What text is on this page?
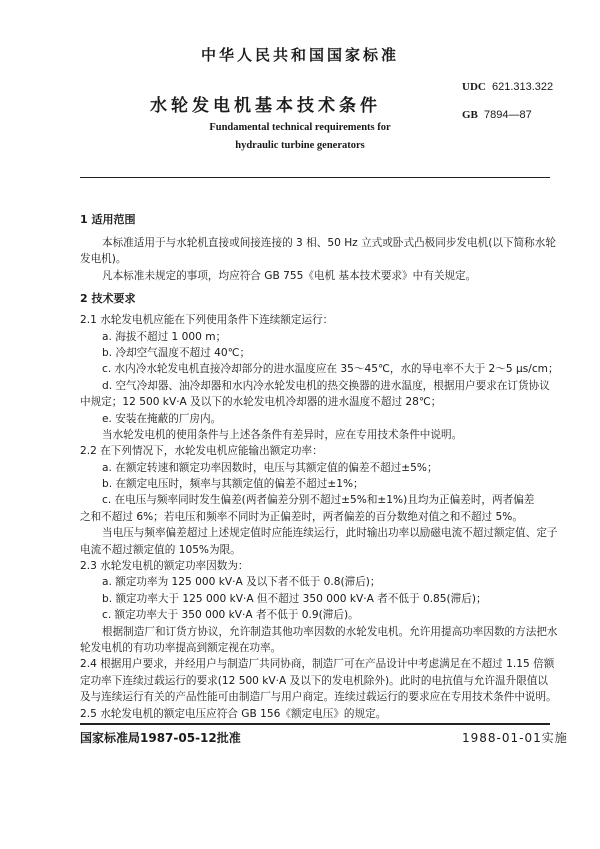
中华人民共和国国家标准
水轮发电机基本技术条件
UDC 621.313.322
GB 7894—87
Fundamental technical requirements for
hydraulic turbine generators
1 适用范围
本标准适用于与水轮机直接或间接连接的 3 相、50 Hz 立式或卧式凸极同步发电机(以下简称水轮
发电机)。
凡本标准未规定的事项，均应符合 GB 755《电机 基本技术要求》中有关规定。
2 技术要求
2.1 水轮发电机应能在下列使用条件下连续额定运行：
a. 海拔不超过 1 000 m；
b. 冷却空气温度不超过 40℃；
c. 水内冷水轮发电机直接冷却部分的进水温度应在 35～45℃，水的导电率不大于 2～5 μs/cm；
d. 空气冷却器、油冷却器和水内冷水轮发电机的热交换器的进水温度，根据用户要求在订货协议
中规定；12 500 kV·A 及以下的水轮发电机冷却器的进水温度不超过 28℃；
e. 安装在掩蔽的厂房内。
当水轮发电机的使用条件与上述各条件有差异时，应在专用技术条件中说明。
2.2 在下列情况下，水轮发电机应能输出额定功率：
a. 在额定转速和额定功率因数时，电压与其额定值的偏差不超过±5%；
b. 在额定电压时，频率与其额定值的偏差不超过±1%；
c. 在电压与频率同时发生偏差(两者偏差分别不超过±5%和±1%)且均为正偏差时，两者偏差
之和不超过 6%；若电压和频率不同时为正偏差时，两者偏差的百分数绝对值之和不超过 5%。
当电压与频率偏差超过上述规定值时应能连续运行，此时输出功率以励磁电流不超过额定值、定子
电流不超过额定值的 105%为限。
2.3 水轮发电机的额定功率因数为：
a. 额定功率为 125 000 kV·A 及以下者不低于 0.8(滞后)；
b. 额定功率大于 125 000 kV·A 但不超过 350 000 kV·A 者不低于 0.85(滞后)；
c. 额定功率大于 350 000 kV·A 者不低于 0.9(滞后)。
根据制造厂和订货方协议，允许制造其他功率因数的水轮发电机。允许用提高功率因数的方法把水
轮发电机的有功功率提高到额定视在功率。
2.4 根据用户要求，并经用户与制造厂共同协商，制造厂可在产品设计中考虑满足在不超过 1.15 倍额
定功率下连续过载运行的要求(12 500 kV·A 及以下的发电机除外)。此时的电抗值与允许温升限值以
及与连续运行有关的产品性能可由制造厂与用户商定。连续过载运行的要求应在专用技术条件中说明。
2.5 水轮发电机的额定电压应符合 GB 156《额定电压》的规定。
国家标准局1987-05-12批准	1988-01-01实施
